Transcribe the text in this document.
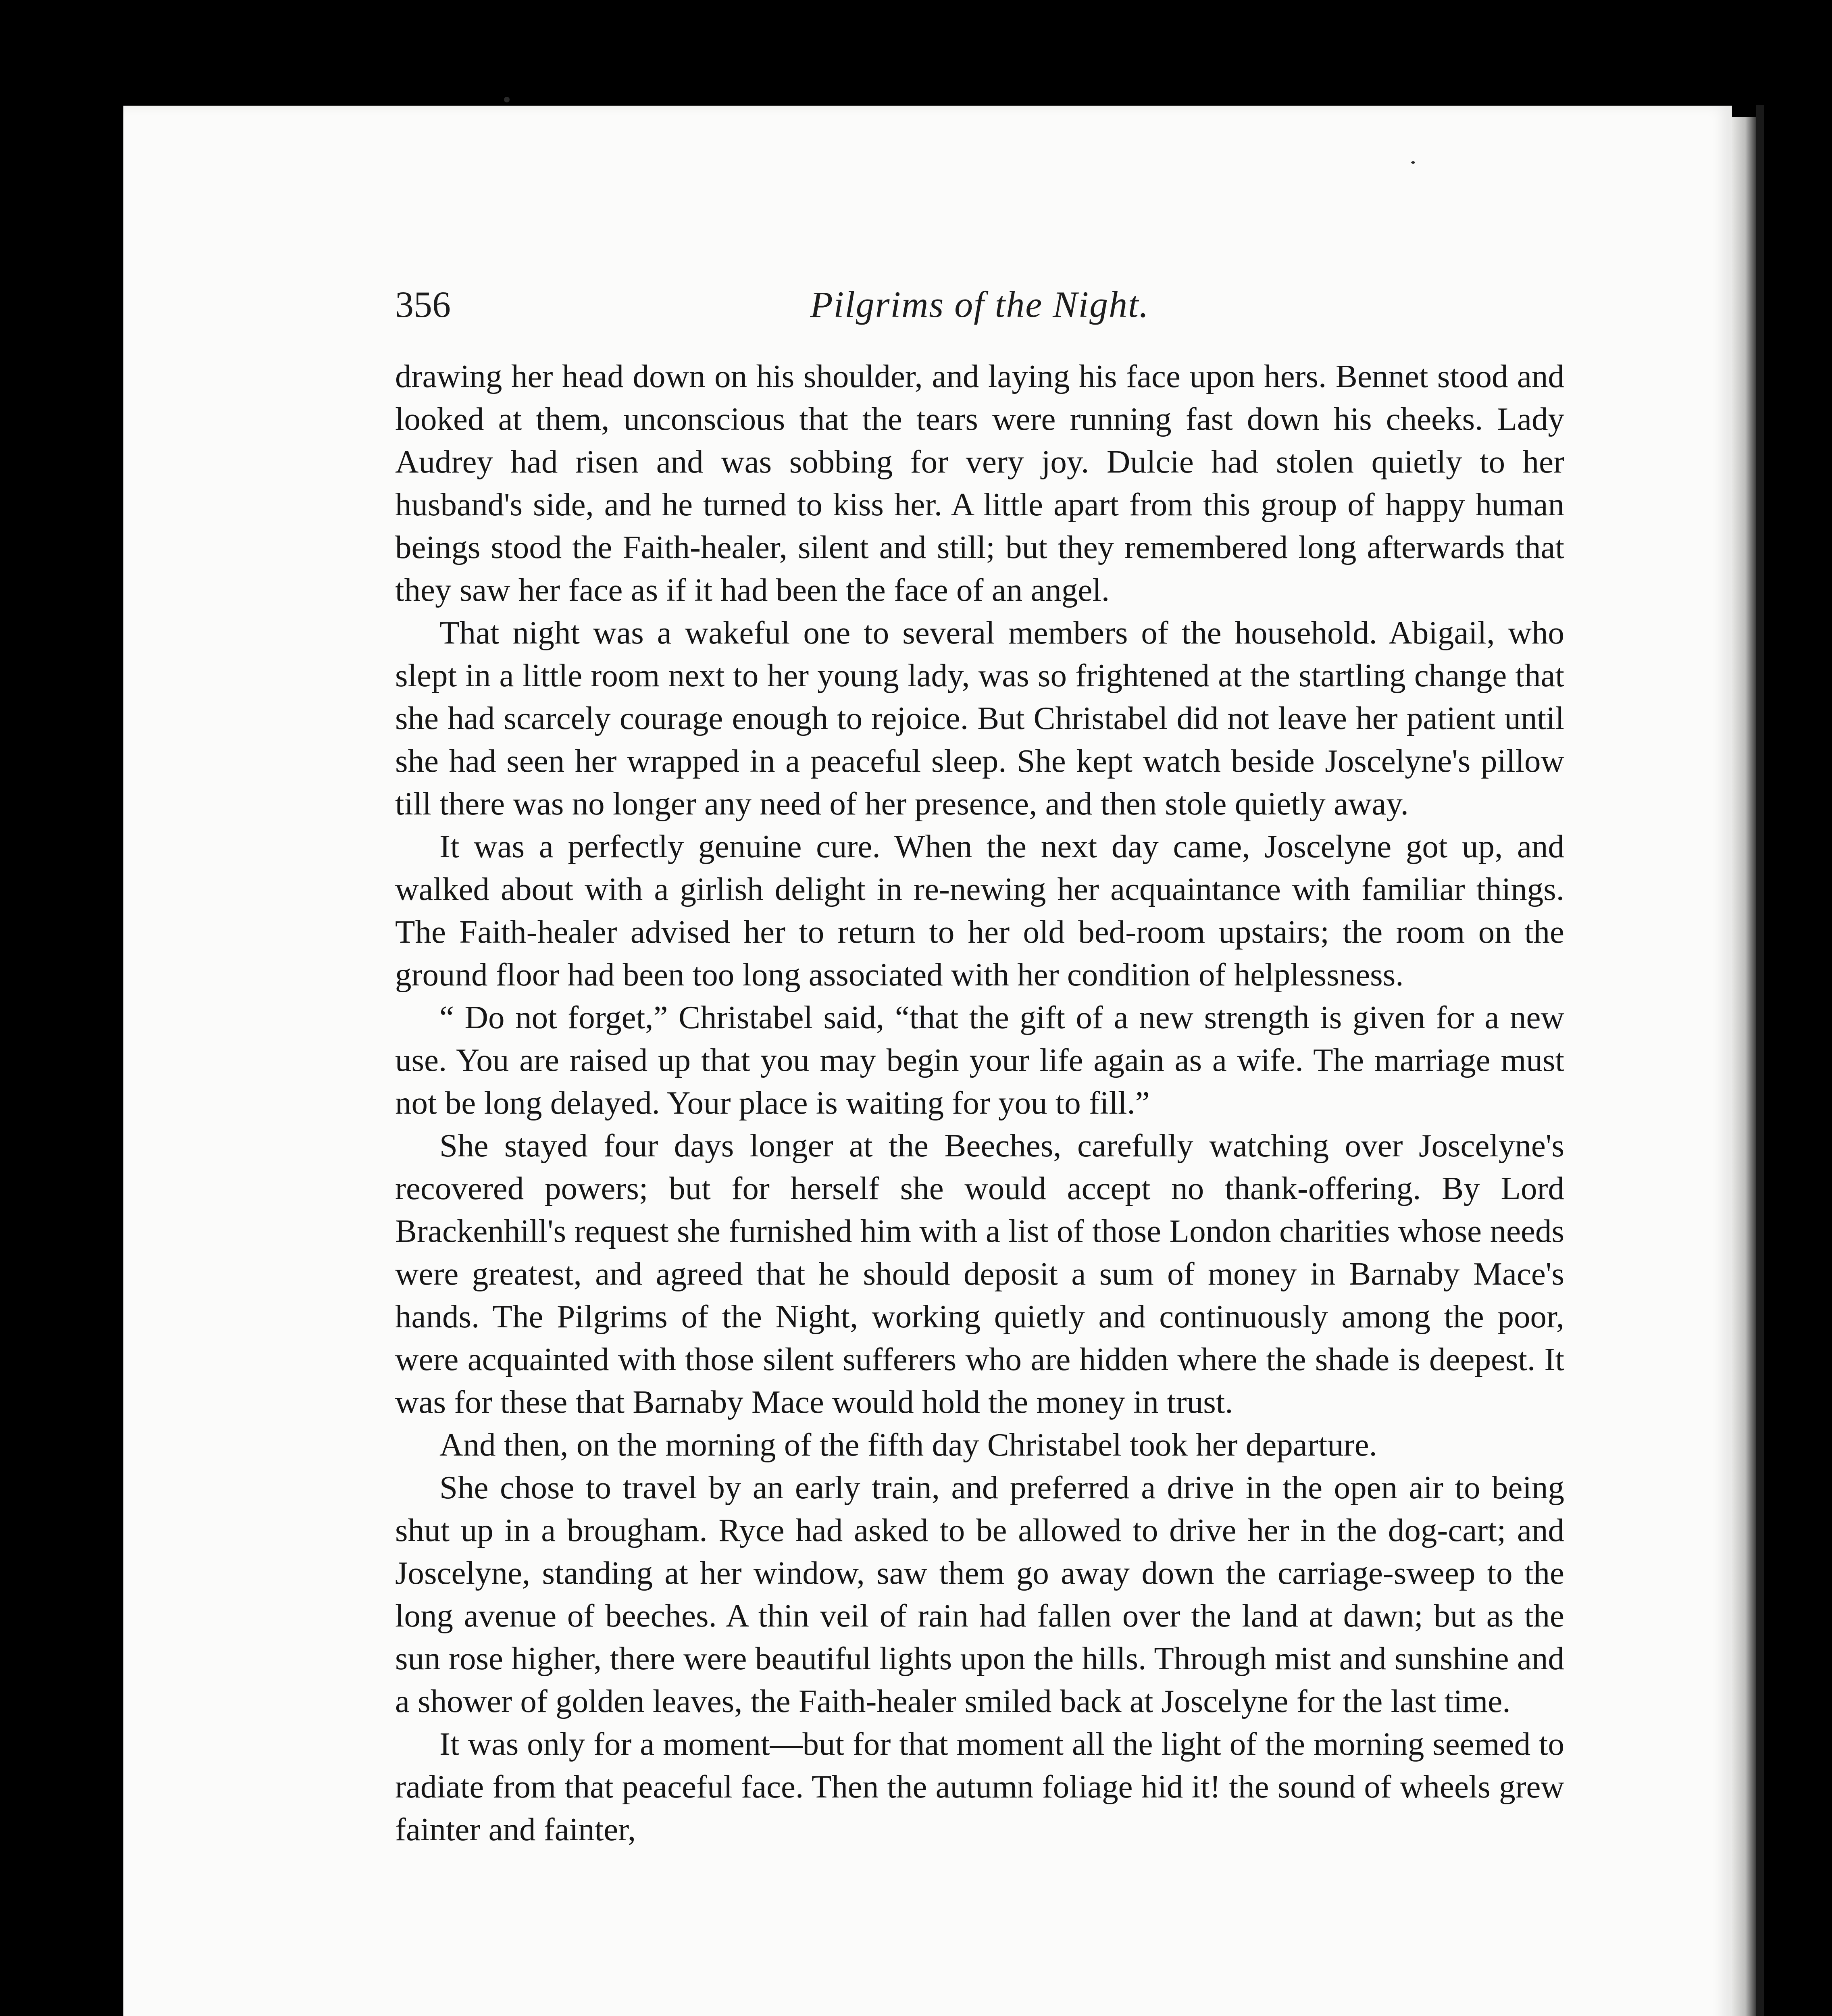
356	Pilgrims of the Night.

drawing her head down on his shoulder, and laying his face upon hers. Bennet stood and looked at them, unconscious that the tears were running fast down his cheeks. Lady Audrey had risen and was sobbing for very joy. Dulcie had stolen quietly to her husband's side, and he turned to kiss her. A little apart from this group of happy human beings stood the Faith-healer, silent and still; but they remembered long afterwards that they saw her face as if it had been the face of an angel.

That night was a wakeful one to several members of the household. Abigail, who slept in a little room next to her young lady, was so frightened at the startling change that she had scarcely courage enough to rejoice. But Christabel did not leave her patient until she had seen her wrapped in a peaceful sleep. She kept watch beside Joscelyne's pillow till there was no longer any need of her presence, and then stole quietly away.

It was a perfectly genuine cure. When the next day came, Joscelyne got up, and walked about with a girlish delight in re-newing her acquaintance with familiar things. The Faith-healer advised her to return to her old bed-room upstairs; the room on the ground floor had been too long associated with her condition of helplessness.

“ Do not forget,” Christabel said, “that the gift of a new strength is given for a new use. You are raised up that you may begin your life again as a wife. The marriage must not be long delayed. Your place is waiting for you to fill.”

She stayed four days longer at the Beeches, carefully watching over Joscelyne's recovered powers; but for herself she would accept no thank-offering. By Lord Brackenhill's request she furnished him with a list of those London charities whose needs were greatest, and agreed that he should deposit a sum of money in Barnaby Mace's hands. The Pilgrims of the Night, working quietly and continuously among the poor, were acquainted with those silent sufferers who are hidden where the shade is deepest. It was for these that Barnaby Mace would hold the money in trust.

And then, on the morning of the fifth day Christabel took her departure.

She chose to travel by an early train, and preferred a drive in the open air to being shut up in a brougham. Ryce had asked to be allowed to drive her in the dog-cart; and Joscelyne, standing at her window, saw them go away down the carriage-sweep to the long avenue of beeches. A thin veil of rain had fallen over the land at dawn; but as the sun rose higher, there were beautiful lights upon the hills. Through mist and sunshine and a shower of golden leaves, the Faith-healer smiled back at Joscelyne for the last time.

It was only for a moment—but for that moment all the light of the morning seemed to radiate from that peaceful face. Then the autumn foliage hid it! the sound of wheels grew fainter and fainter,
